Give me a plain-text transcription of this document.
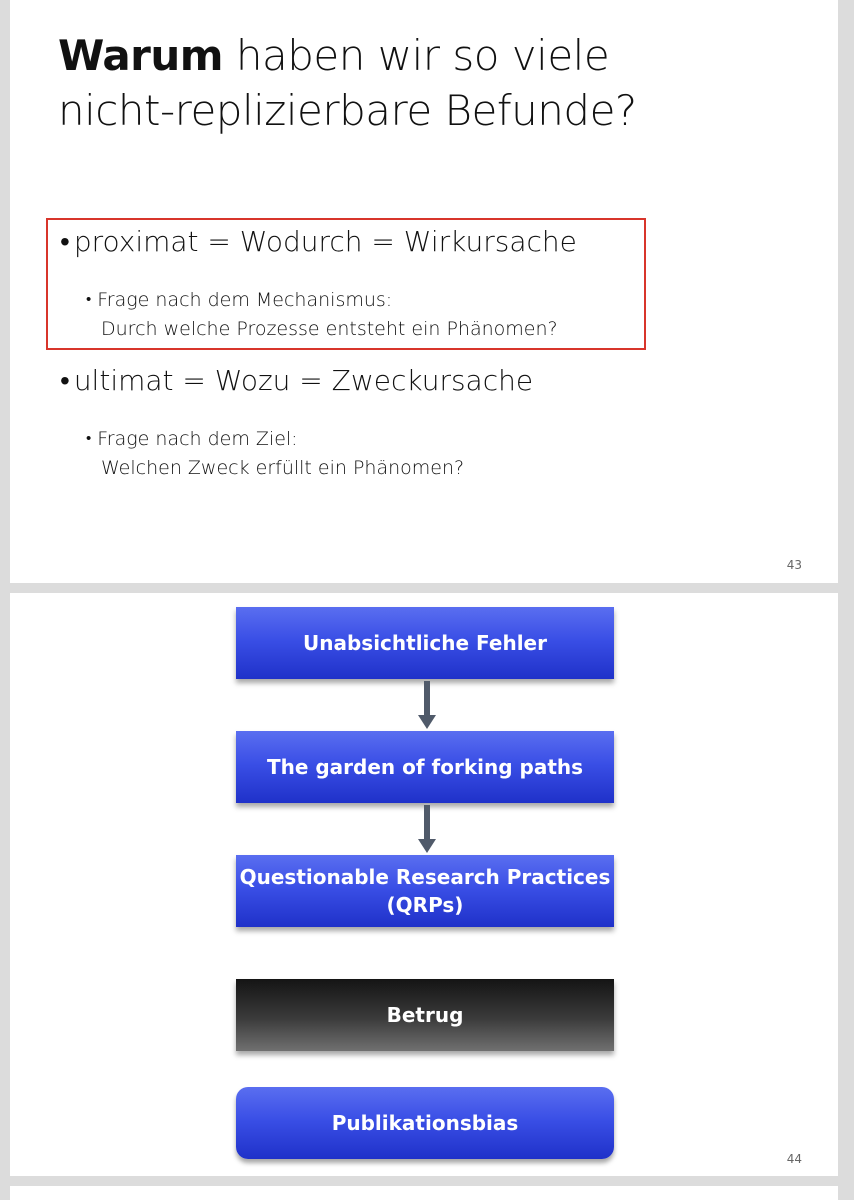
Warum haben wir so viele
nicht-replizierbare Befunde?
• proximat = Wodurch = Wirkursache
• Frage nach dem Mechanismus:
Durch welche Prozesse entsteht ein Phänomen?
• ultimat = Wozu = Zweckursache
• Frage nach dem Ziel:
Welchen Zweck erfüllt ein Phänomen?
43
Unabsichtliche Fehler
The garden of forking paths
Questionable Research Practices
(QRPs)
Betrug
Publikationsbias
44
